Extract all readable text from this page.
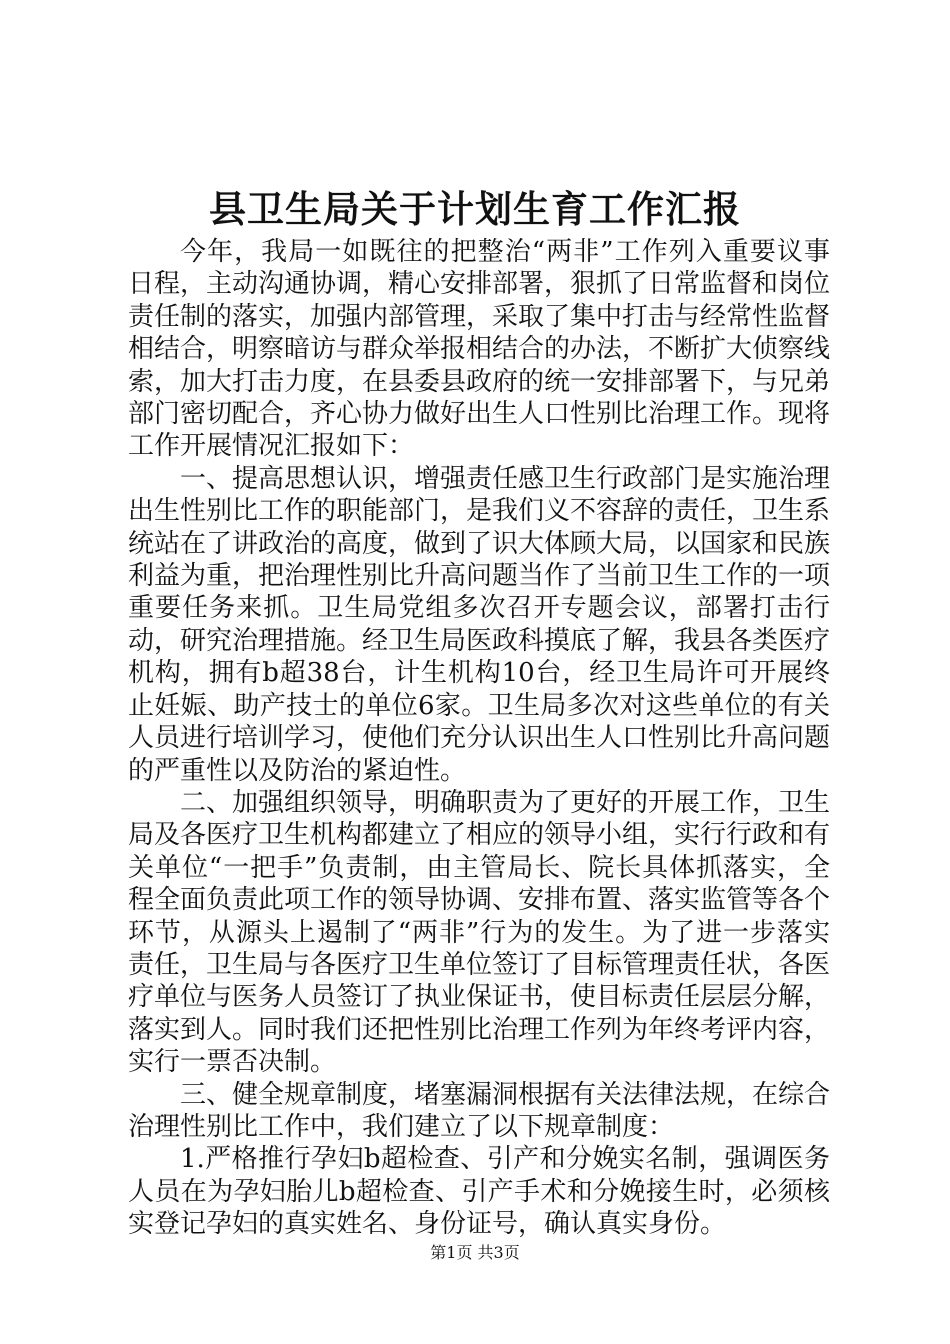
县卫生局关于计划生育工作汇报

今年，我局一如既往的把整治“两非”工作列入重要议事日程，主动沟通协调，精心安排部署，狠抓了日常监督和岗位责任制的落实，加强内部管理，采取了集中打击与经常性监督相结合，明察暗访与群众举报相结合的办法，不断扩大侦察线索，加大打击力度，在县委县政府的统一安排部署下，与兄弟部门密切配合，齐心协力做好出生人口性别比治理工作。现将工作开展情况汇报如下：

一、提高思想认识，增强责任感卫生行政部门是实施治理出生性别比工作的职能部门，是我们义不容辞的责任，卫生系统站在了讲政治的高度，做到了识大体顾大局，以国家和民族利益为重，把治理性别比升高问题当作了当前卫生工作的一项重要任务来抓。卫生局党组多次召开专题会议，部署打击行动，研究治理措施。经卫生局医政科摸底了解，我县各类医疗机构，拥有b超38台，计生机构10台，经卫生局许可开展终止妊娠、助产技士的单位6家。卫生局多次对这些单位的有关人员进行培训学习，使他们充分认识出生人口性别比升高问题的严重性以及防治的紧迫性。

二、加强组织领导，明确职责为了更好的开展工作，卫生局及各医疗卫生机构都建立了相应的领导小组，实行行政和有关单位“一把手”负责制，由主管局长、院长具体抓落实，全程全面负责此项工作的领导协调、安排布置、落实监管等各个环节，从源头上遏制了“两非”行为的发生。为了进一步落实责任，卫生局与各医疗卫生单位签订了目标管理责任状，各医疗单位与医务人员签订了执业保证书，使目标责任层层分解，落实到人。同时我们还把性别比治理工作列为年终考评内容，实行一票否决制。

三、健全规章制度，堵塞漏洞根据有关法律法规，在综合治理性别比工作中，我们建立了以下规章制度：

1.严格推行孕妇b超检查、引产和分娩实名制，强调医务人员在为孕妇胎儿b超检查、引产手术和分娩接生时，必须核实登记孕妇的真实姓名、身份证号，确认真实身份。

第1页 共3页
